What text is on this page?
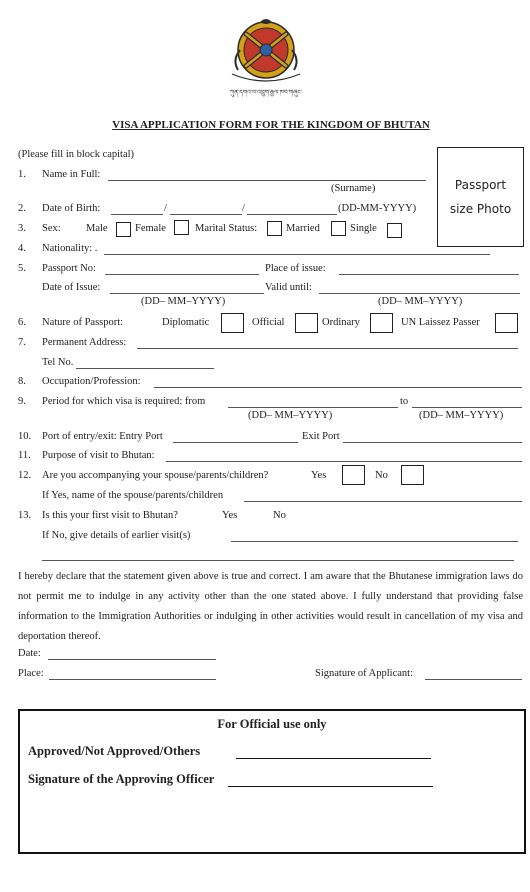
ཀུན་དགའ་བ་འབྲུག་རྒྱལ་ཁབ་གཞུང་
VISA APPLICATION FORM FOR THE KINGDOM OF BHUTAN
Passport
size Photo
(Please fill in block capital)
1. Name in Full:
(Surname)
2. Date of Birth:	/	/	(DD-MM-YYYY)
3. Sex: Male	Female	Marital Status:	Married	Single
4. Nationality: .
5. Passport No:	Place of issue:
Date of Issue:	Valid until:
(DD– MM–YYYY)	(DD– MM–YYYY)
6. Nature of Passport:	Diplomatic	Official	Ordinary	UN Laissez Passer
7. Permanent Address:
Tel No.
8. Occupation/Profession:
9. Period for which visa is required: from	to
(DD– MM–YYYY)	(DD– MM–YYYY)
10. Port of entry/exit: Entry Port	Exit Port
11. Purpose of visit to Bhutan:
12. Are you accompanying your spouse/parents/children?	Yes	No
If Yes, name of the spouse/parents/children
13. Is this your first visit to Bhutan?	Yes	No
If No, give details of earlier visit(s)
I hereby declare that the statement given above is true and correct. I am aware that the Bhutanese immigration laws do not permit me to indulge in any activity other than the one stated above. I fully understand that providing false information to the Immigration Authorities or indulging in other activities would result in cancellation of my visa and deportation thereof.
Date:
Place:	Signature of Applicant:
For Official use only
Approved/Not Approved/Others
Signature of the Approving Officer
